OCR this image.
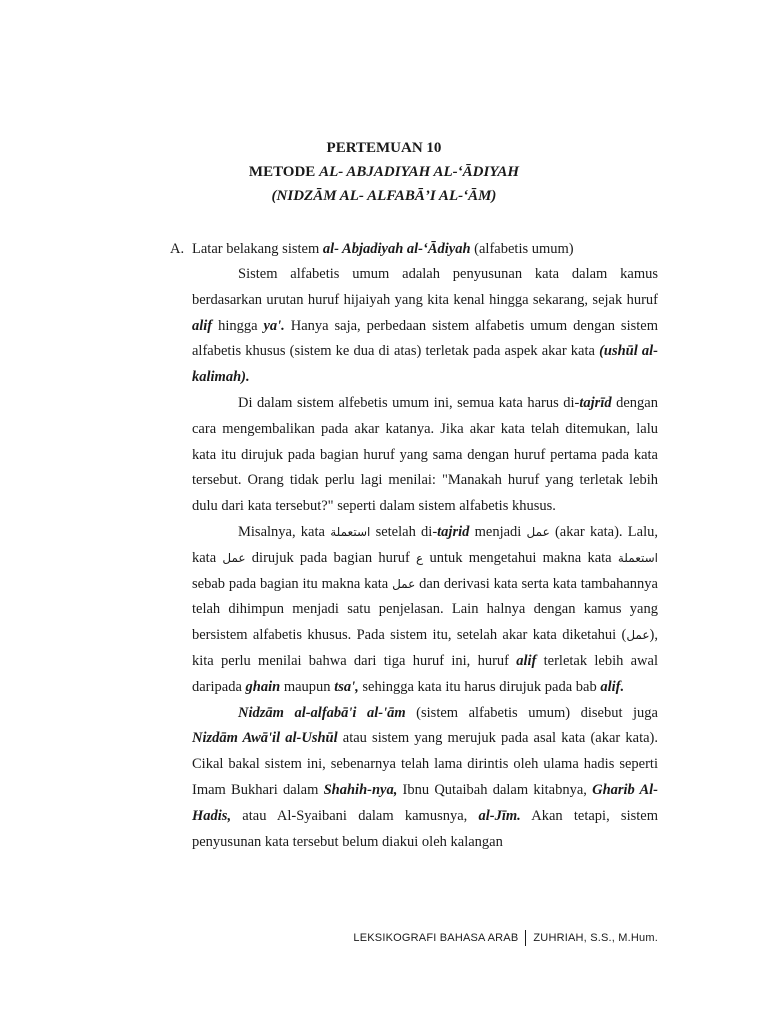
PERTEMUAN 10
METODE AL- ABJADIYAH AL-‘ĀDIYAH
(NIDZĀM AL- ALFABĀ’I AL-‘ĀM)
A. Latar belakang sistem al- Abjadiyah al-‘Ādiyah (alfabetis umum)

Sistem alfabetis umum adalah penyusunan kata dalam kamus berdasarkan urutan huruf hijaiyah yang kita kenal hingga sekarang, sejak huruf alif hingga ya'. Hanya saja, perbedaan sistem alfabetis umum dengan sistem alfabetis khusus (sistem ke dua di atas) terletak pada aspek akar kata (ushūl al-kalimah).

Di dalam sistem alfebetis umum ini, semua kata harus di-tajrīd dengan cara mengembalikan pada akar katanya. Jika akar kata telah ditemukan, lalu kata itu dirujuk pada bagian huruf yang sama dengan huruf pertama pada kata tersebut. Orang tidak perlu lagi menilai: "Manakah huruf yang terletak lebih dulu dari kata tersebut?" seperti dalam sistem alfabetis khusus.

Misalnya, kata استعملة setelah di-tajrid menjadi عمل (akar kata). Lalu, kata عمل dirujuk pada bagian huruf ع untuk mengetahui makna kata استعملة sebab pada bagian itu makna kata عمل dan derivasi kata serta kata tambahannya telah dihimpun menjadi satu penjelasan. Lain halnya dengan kamus yang bersistem alfabetis khusus. Pada sistem itu, setelah akar kata diketahui (عمل), kita perlu menilai bahwa dari tiga huruf ini, huruf alif terletak lebih awal daripada ghain maupun tsa', sehingga kata itu harus dirujuk pada bab alif.

Nidzām al-alfabā'i al-'ām (sistem alfabetis umum) disebut juga Nizdām Awā'il al-Ushūl atau sistem yang merujuk pada asal kata (akar kata). Cikal bakal sistem ini, sebenarnya telah lama dirintis oleh ulama hadis seperti Imam Bukhari dalam Shahih-nya, Ibnu Qutaibah dalam kitabnya, Gharib Al-Hadis, atau Al-Syaibani dalam kamusnya, al-Jīm. Akan tetapi, sistem penyusunan kata tersebut belum diakui oleh kalangan

LEKSIKOGRAFI BAHASA ARAB ZUHRIAH, S.S., M.Hum.
